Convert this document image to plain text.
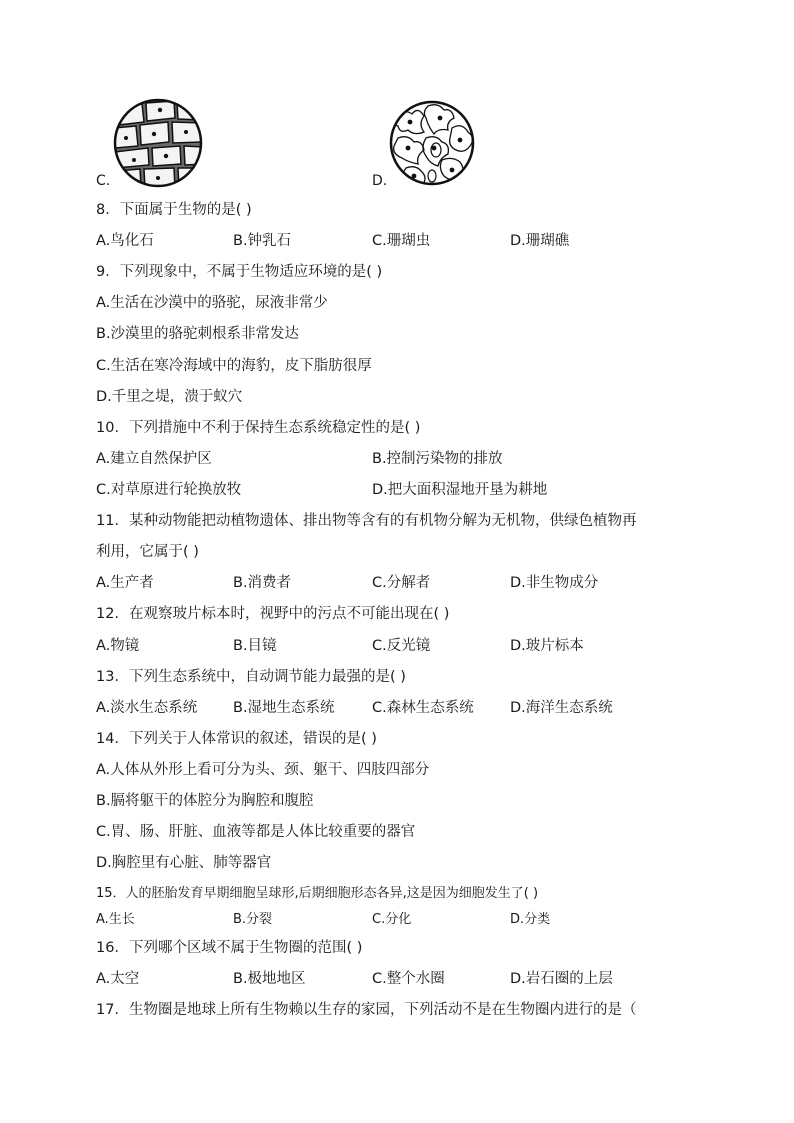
C.	D.
8．下面属于生物的是( )
A.鸟化石	B.钟乳石	C.珊瑚虫	D.珊瑚礁
9．下列现象中，不属于生物适应环境的是( )
A.生活在沙漠中的骆驼，尿液非常少
B.沙漠里的骆驼刺根系非常发达
C.生活在寒冷海域中的海豹，皮下脂肪很厚
D.千里之堤，溃于蚁穴
10．下列措施中不利于保持生态系统稳定性的是( )
A.建立自然保护区	B.控制污染物的排放
C.对草原进行轮换放牧	D.把大面积湿地开垦为耕地
11．某种动物能把动植物遗体、排出物等含有的有机物分解为无机物，供绿色植物再
利用，它属于( )
A.生产者	B.消费者	C.分解者	D.非生物成分
12．在观察玻片标本时，视野中的污点不可能出现在( )
A.物镜	B.目镜	C.反光镜	D.玻片标本
13．下列生态系统中，自动调节能力最强的是( )
A.淡水生态系统 B.湿地生态系统	C.森林生态系统	D.海洋生态系统
14．下列关于人体常识的叙述，错误的是( )
A.人体从外形上看可分为头、颈、躯干、四肢四部分
B.膈将躯干的体腔分为胸腔和腹腔
C.胃、肠、肝脏、血液等都是人体比较重要的器官
D.胸腔里有心脏、肺等器官
15．人的胚胎发育早期细胞呈球形,后期细胞形态各异,这是因为细胞发生了( )
A.生长	B.分裂	C.分化	D.分类
16．下列哪个区域不属于生物圈的范围( )
A.太空	B.极地地区	C.整个水圈	D.岩石圈的上层
17．生物圈是地球上所有生物赖以生存的家园，下列活动不是在生物圈内进行的是（
